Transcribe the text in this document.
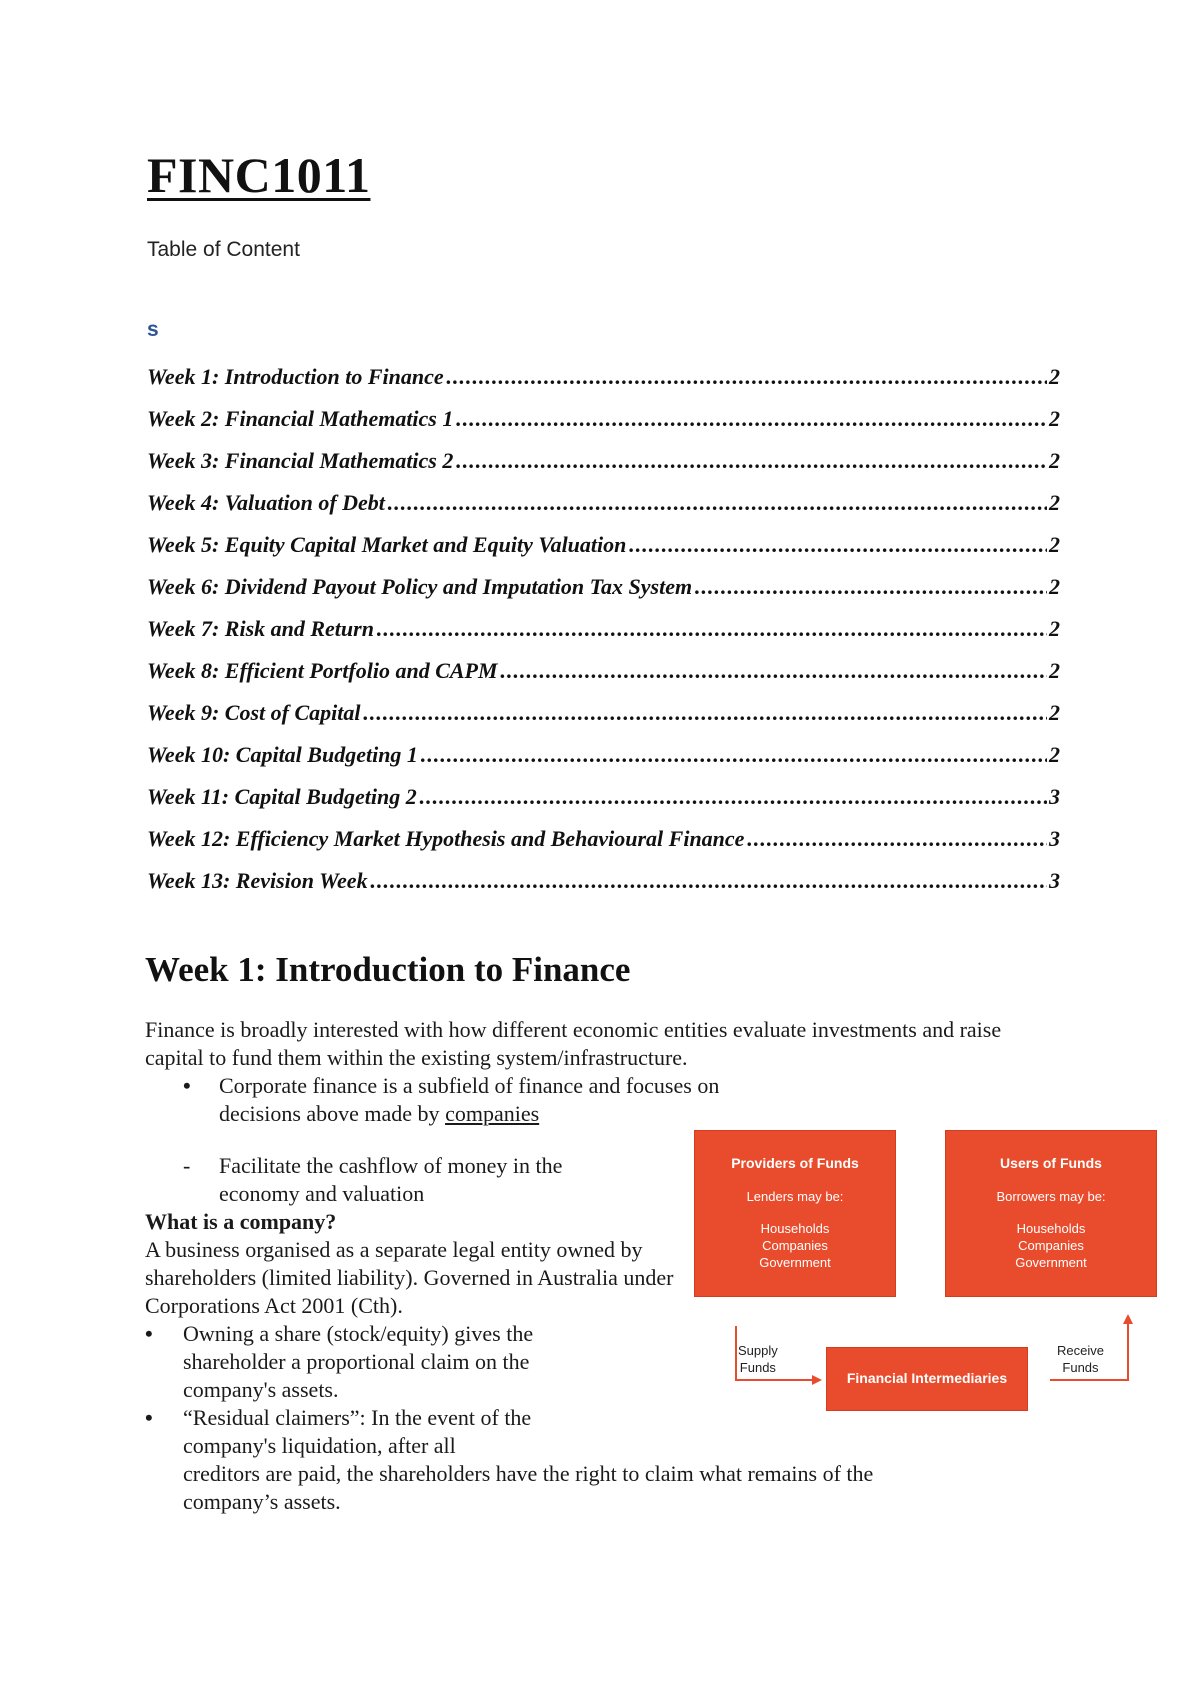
FINC1011
Table of Content
s
Week 1: Introduction to Finance .....	2
Week 2: Financial Mathematics 1 .....	2
Week 3: Financial Mathematics 2 .....	2
Week 4: Valuation of Debt .....	2
Week 5: Equity Capital Market and Equity Valuation .....	2
Week 6: Dividend Payout Policy and Imputation Tax System .....	2
Week 7: Risk and Return .....	2
Week 8: Efficient Portfolio and CAPM .....	2
Week 9: Cost of Capital .....	2
Week 10: Capital Budgeting 1 .....	2
Week 11: Capital Budgeting 2 .....	3
Week 12: Efficiency Market Hypothesis and Behavioural Finance .....	3
Week 13: Revision Week .....	3
Week 1: Introduction to Finance
Finance is broadly interested with how different economic entities evaluate investments and raise capital to fund them within the existing system/infrastructure.
• Corporate finance is a subfield of finance and focuses on decisions above made by companies
- Facilitate the cashflow of money in the economy and valuation
What is a company?
A business organised as a separate legal entity owned by shareholders (limited liability). Governed in Australia under Corporations Act 2001 (Cth).
• Owning a share (stock/equity) gives the shareholder a proportional claim on the company's assets.
• “Residual claimers”: In the event of the company's liquidation, after all
creditors are paid, the shareholders have the right to claim what remains of the company’s assets.
Providers of Funds
Lenders may be:
Households
Companies
Government
Users of Funds
Borrowers may be:
Households
Companies
Government
Financial Intermediaries
Supply
Funds
Receive
Funds
